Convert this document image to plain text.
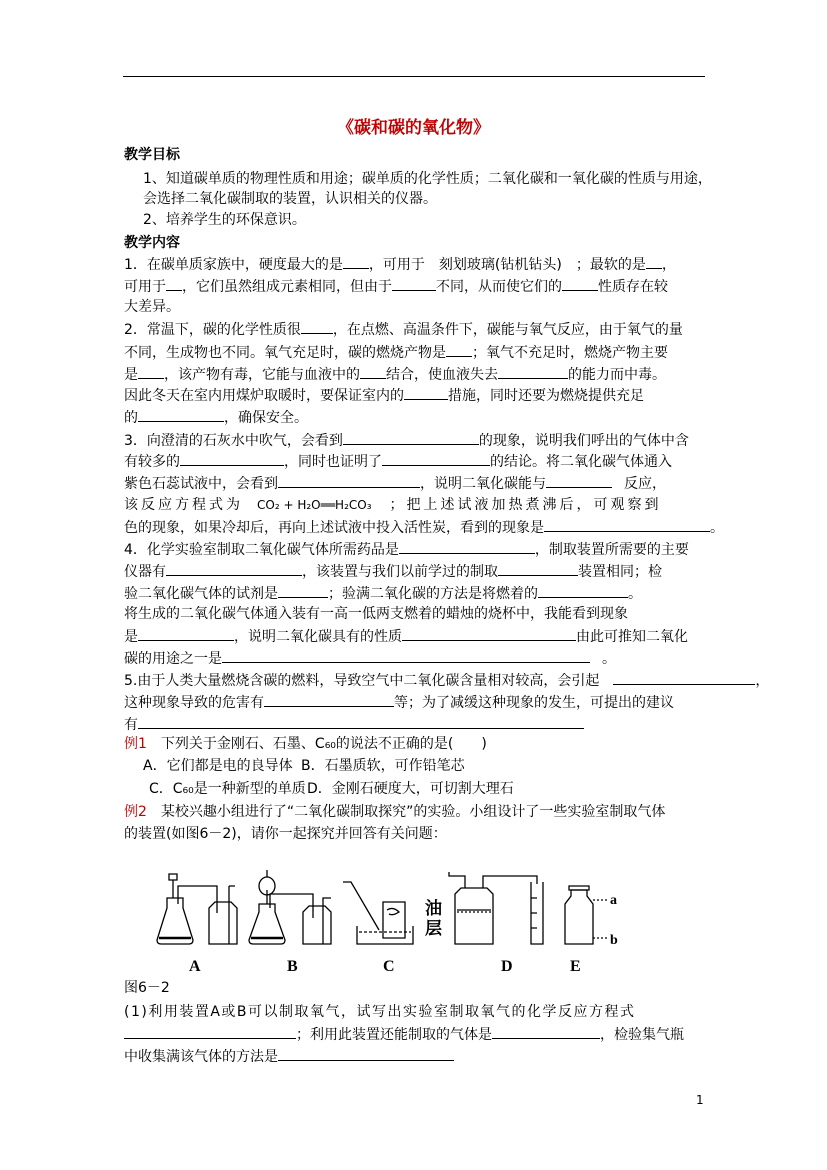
《碳和碳的氧化物》
教学目标
1、知道碳单质的物理性质和用途；碳单质的化学性质；二氧化碳和一氧化碳的性质与用途，
会选择二氧化碳制取的装置，认识相关的仪器。
2、培养学生的环保意识。
教学内容
1．在碳单质家族中，硬度最大的是 ，可用于　刻划玻璃(钻机钻头)　；最软的是 ，
可用于 ，它们虽然组成元素相同，但由于	不同，从而使它们的	性质存在较
大差异。
2．常温下，碳的化学性质很 ，在点燃、高温条件下，碳能与氧气反应，由于氧气的量
不同，生成物也不同。氧气充足时，碳的燃烧产物是 ；氧气不充足时，燃烧产物主要
是 ，该产物有毒，它能与血液中的 结合，使血液失去	的能力而中毒。
因此冬天在室内用煤炉取暖时，要保证室内的	措施，同时还要为燃烧提供充足
的	，确保安全。
3．向澄清的石灰水中吹气，会看到	的现象，说明我们呼出的气体中含
有较多的	，同时也证明了	的结论。将二氧化碳气体通入
紫色石蕊试液中，会看到	，说明二氧化碳能与	反应，
该反应方程式为 CO₂ + H₂O══H₂CO₃ ；把上述试液加热煮沸后，可观察到
色的现象，如果冷却后，再向上述试液中投入活性炭，看到的现象是	。
4．化学实验室制取二氧化碳气体所需药品是	，制取装置所需要的主要
仪器有	，该装置与我们以前学过的制取	装置相同；检
验二氧化碳气体的试剂是	；验满二氧化碳的方法是将燃着的	。
将生成的二氧化碳气体通入装有一高一低两支燃着的蜡烛的烧杯中，我能看到现象
是	，说明二氧化碳具有的性质	由此可推知二氧化
碳的用途之一是	。
5.由于人类大量燃烧含碳的燃料，导致空气中二氧化碳含量相对较高，会引起	，
这种现象导致的危害有	等；为了减缓这种现象的发生，可提出的建议
有
例1　下列关于金刚石、石墨、C₆₀的说法不正确的是(　　)
A．它们都是电的良导体 B．石墨质软，可作铅笔芯
C．C₆₀是一种新型的单质D．金刚石硬度大，可切割大理石
例2　某校兴趣小组进行了“二氧化碳制取探究”的实验。小组设计了一些实验室制取气体
的装置(如图6－2)，请你一起探究并回答有关问题：
油
层
a
b
A	B	C	D	E
图6－2
(1)利用装置A或B可以制取氧气，试写出实验室制取氧气的化学反应方程式
；利用此装置还能制取的气体是	，检验集气瓶
中收集满该气体的方法是
1
